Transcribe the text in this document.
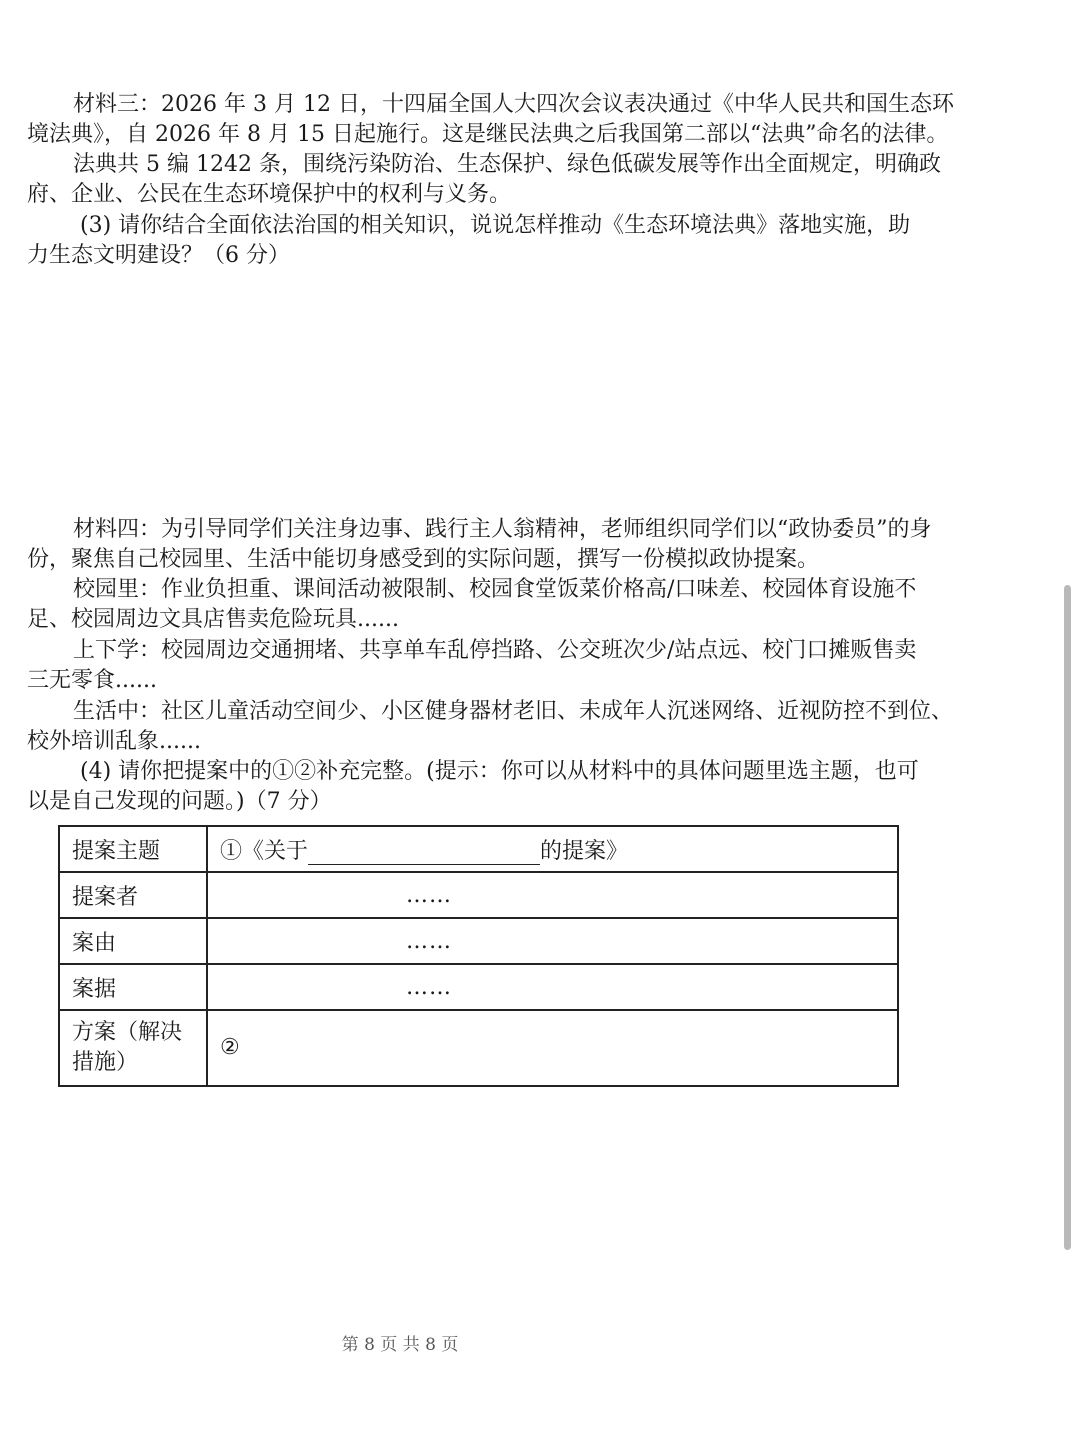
材料三：2026 年 3 月 12 日，十四届全国人大四次会议表决通过《中华人民共和国生态环
境法典》，自 2026 年 8 月 15 日起施行。这是继民法典之后我国第二部以“法典”命名的法律。
法典共 5 编 1242 条，围绕污染防治、生态保护、绿色低碳发展等作出全面规定，明确政
府、企业、公民在生态环境保护中的权利与义务。
(3) 请你结合全面依法治国的相关知识，说说怎样推动《生态环境法典》落地实施，助
力生态文明建设？（6 分）
材料四：为引导同学们关注身边事、践行主人翁精神，老师组织同学们以“政协委员”的身
份，聚焦自己校园里、生活中能切身感受到的实际问题，撰写一份模拟政协提案。
校园里：作业负担重、课间活动被限制、校园食堂饭菜价格高/口味差、校园体育设施不
足、校园周边文具店售卖危险玩具......
上下学：校园周边交通拥堵、共享单车乱停挡路、公交班次少/站点远、校门口摊贩售卖
三无零食......
生活中：社区儿童活动空间少、小区健身器材老旧、未成年人沉迷网络、近视防控不到位、
校外培训乱象......
(4) 请你把提案中的①②补充完整。(提示：你可以从材料中的具体问题里选主题，也可
以是自己发现的问题。)（7 分）
提案主题	①《关于 的提案》
提案者	……
案由	……
案据	……
方案（解决
措施）	②
第 8 页 共 8 页
